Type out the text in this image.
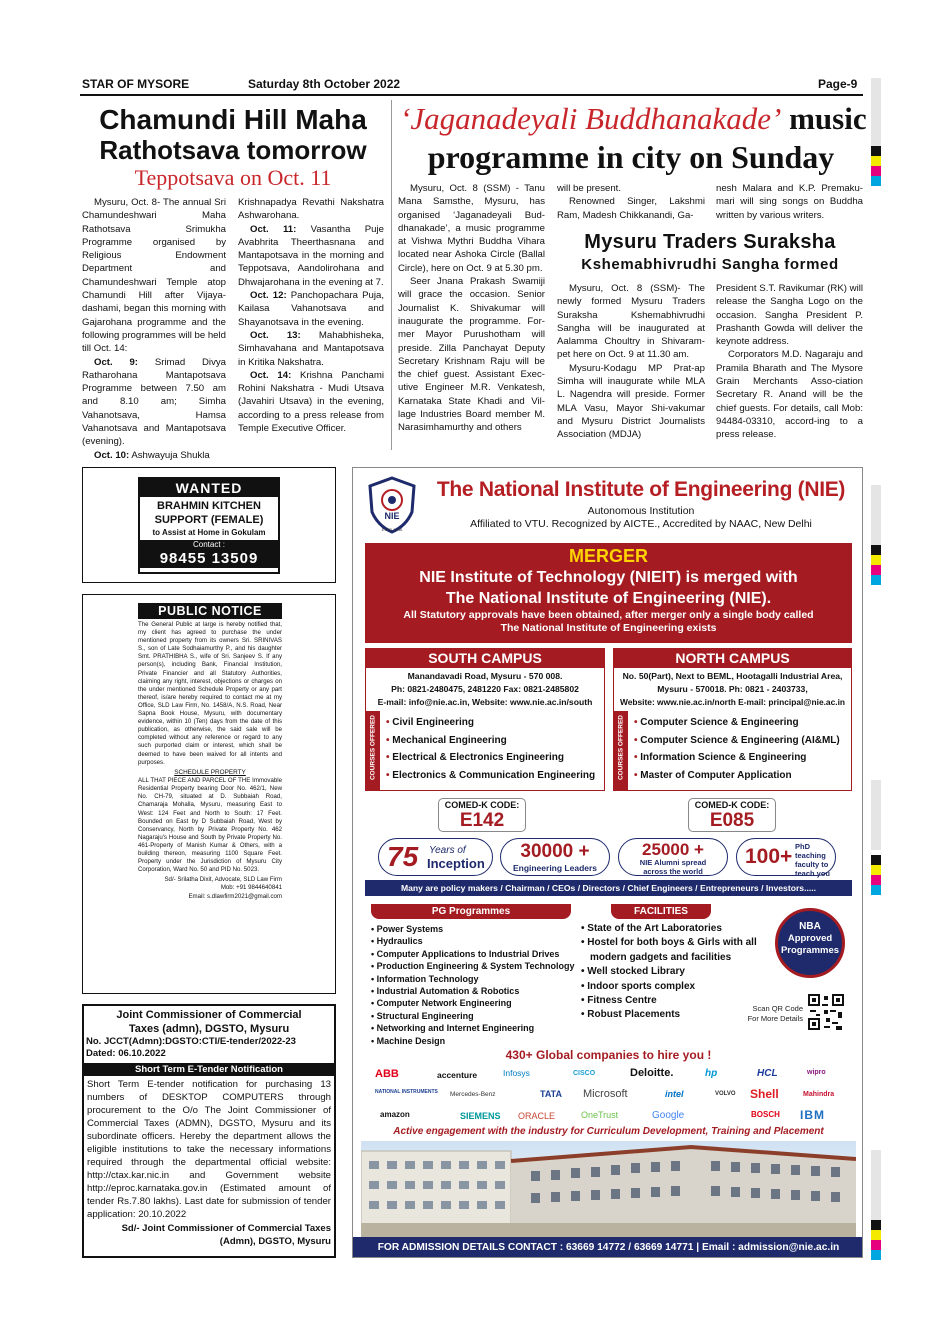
STAR OF MYSORE	Saturday 8th October 2022	Page-9
Chamundi Hill Maha
Rathotsava tomorrow
Teppotsava on Oct. 11

Mysuru, Oct. 8- The annual Sri Chamundeshwari Maha Rathotsava Srimukha Programme organised by Religious Endowment Department and Chamundeshwari Temple atop Chamundi Hill after Vijaya-dashami, began this morning with Gajarohana programme and the following programmes will be held till Oct. 14:

Oct. 9: Srimad Divya Ratharohana Mantapotsava Programme between 7.50 am and 8.10 am; Simha Vahanotsava, Hamsa Vahanotsava and Mantapotsava (evening).

Oct. 10: Ashwayuja Shukla

Krishnapadya Revathi Nakshatra Ashwarohana.

Oct. 11: Vasantha Puje Avabhrita Theerthasnana and Mantapotsava in the morning and Teppotsava, Aandolirohana and Dhwajarohana in the evening at 7.

Oct. 12: Panchopachara Puja, Kailasa Vahanotsava and Shayanotsava in the evening.

Oct. 13: Mahabhisheka, Simhavahana and Mantapotsava in Kritika Nakshatra.

Oct. 14: Krishna Panchami Rohini Nakshatra - Mudi Utsava (Javahiri Utsava) in the evening, according to a press release from Temple Executive Officer.

‘Jaganadeyali Buddhanakade’ music
programme in city on Sunday

Mysuru, Oct. 8 (SSM) - Tanu Mana Samsthe, Mysuru, has organised ‘Jaganadeyali Bud-dhanakade’, a music programme at Vishwa Mythri Buddha Vihara located near Ashoka Circle (Ballal Circle), here on Oct. 9 at 5.30 pm.

Seer Jnana Prakash Swamiji will grace the occasion. Senior Journalist K. Shivakumar will inaugurate the programme. For-mer Mayor Purushotham will preside. Zilla Panchayat Deputy Secretary Krishnam Raju will be the chief guest. Assistant Exec-utive Engineer M.R. Venkatesh, Karnataka State Khadi and Vil-lage Industries Board member M. Narasimhamurthy and others

will be present.

Renowned Singer, Lakshmi Ram, Madesh Chikkanandi, Ga-

nesh Malara and K.P. Premaku-mari will sing songs on Buddha written by various writers.

Mysuru Traders Suraksha
Kshemabhivrudhi Sangha formed

Mysuru, Oct. 8 (SSM)- The newly formed Mysuru Traders Suraksha Kshemabhivrudhi Sangha will be inaugurated at Aalamma Choultry in Shivaram-pet here on Oct. 9 at 11.30 am.

Mysuru-Kodagu MP Prat-ap Simha will inaugurate while MLA L. Nagendra will preside. Former MLA Vasu, Mayor Shi-vakumar and Mysuru District Journalists Association (MDJA)

President S.T. Ravikumar (RK) will release the Sangha Logo on the occasion. Sangha President P. Prashanth Gowda will deliver the keynote address.

Corporators M.D. Nagaraju and Pramila Bharath and The Mysore Grain Merchants Asso-ciation Secretary R. Anand will be the chief guests. For details, call Mob: 94484-03310, accord-ing to a press release.

WANTED
BRAHMIN KITCHEN
SUPPORT (FEMALE)
to Assist at Home in Gokulam
Contact :
98455 13509
PUBLIC NOTICE
The General Public at large is hereby notified that, my client has agreed to purchase the under mentioned property from its owners Sri. SRINIVAS S., son of Late Sodhaiamurthy P., and his daughter Smt. PRATHIBHA S., wife of Sri. Sanjeev S. If any person(s), including Bank, Financial Institution, Private Financier and all Statutory Authorities, claiming any right, interest, objections or charges on the under mentioned Schedule Property or any part thereof, is/are hereby required to contact me at my Office, SLD Law Firm, No. 1458/A, N.S. Road, Near Sapna Book House, Mysuru, with documentary evidence, within 10 (Ten) days from the date of this publication, as otherwise, the said sale will be completed without any reference or regard to any such purported claim or interest, which shall be deemed to have been waived for all intents and purposes.
SCHEDULE PROPERTY
ALL THAT PIECE AND PARCEL OF THE Immovable Residential Property bearing Door No. 462/1, New No. CH-79, situated at D. Subbaiah Road, Chamaraja Mohalla, Mysuru, measuring East to West: 124 Feet and North to South: 17 Feet. Bounded on East by D Subbaiah Road, West by Conservancy, North by Private Property No. 462 Nagaraju's House and South by Private Property No. 461-Property of Manish Kumar & Others, with a building thereon, measuring 1100 Square Feet. Property under the Jurisdiction of Mysuru City Corporation, Ward No. 50 and PID No. 5023.
Sd/- Srilatha Dixit, Advocate, SLD Law Firm
Mob: +91 9844640841
Email: s.dlawfirm2021@gmail.com
Joint Commissioner of Commercial
Taxes (admn), DGSTO, Mysuru
No. JCCT(Admn):DGSTO:CTI/E-tender/2022-23
Dated: 06.10.2022
Short Term E-Tender Notification
Short Term E-tender notification for purchasing 13 numbers of DESKTOP COMPUTERS through procurement to the O/o The Joint Commissioner of Commercial Taxes (ADMN), DGSTO, Mysuru and its subordinate officers. Hereby the department allows the eligible institutions to take the necessary informations required through the departmental official website: http://ctax.kar.nic.in and Government website http://eproc.karnataka.gov.in (Estimated amount of tender Rs.7.80 lakhs). Last date for submission of tender application: 20.10.2022
Sd/- Joint Commissioner of Commercial Taxes
(Admn), DGSTO, Mysuru
NIE
ESTD 1946
The National Institute of Engineering (NIE)
Autonomous Institution
Affiliated to VTU. Recognized by AICTE., Accredited by NAAC, New Delhi
MERGER
NIE Institute of Technology (NIEIT) is merged with
The National Institute of Engineering (NIE).
All Statutory approvals have been obtained, after merger only a single body called
The National Institute of Engineering exists
SOUTH CAMPUS
Manandavadi Road, Mysuru - 570 008.
Ph: 0821-2480475, 2481220 Fax: 0821-2485802
E-mail: info@nie.ac.in, Website: www.nie.ac.in/south
COURSES OFFERED • Civil Engineering
• Mechanical Engineering
• Electrical & Electronics Engineering
• Electronics & Communication Engineering
NORTH CAMPUS
No. 50(Part), Next to BEML, Hootagalli Industrial Area,
Mysuru - 570018. Ph: 0821 - 2403733,
Website: www.nie.ac.in/north E-mail: principal@nie.ac.in
COURSES OFFERED • Computer Science & Engineering
• Computer Science & Engineering (AI&ML)
• Information Science & Engineering
• Master of Computer Application
COMED-K CODE:
E142
COMED-K CODE:
E085
75 Years of
Inception
30000 +
Engineering Leaders
25000 +
NIE Alumni spread
across the world
100+ PhD teaching
faculty to
teach you
Many are policy makers / Chairman / CEOs / Directors / Chief Engineers / Entrepreneurs / Investors.....
PG Programmes
• Power Systems
• Hydraulics
• Computer Applications to Industrial Drives
• Production Engineering & System Technology
• Information Technology
• Industrial Automation & Robotics
• Computer Network Engineering
• Structural Engineering
• Networking and Internet Engineering
• Machine Design
FACILITIES
• State of the Art Laboratories
• Hostel for both boys & Girls with all modern gadgets and facilities
• Well stocked Library
• Indoor sports complex
• Fitness Centre
• Robust Placements
NBA
Approved
Programmes
Scan QR Code
For More Details
430+ Global companies to hire you !
ABB	accenture	Infosys	CISCO	Deloitte.	hp	HCL	wipro
NATIONAL INSTRUMENTS Mercedes-Benz	TATA Microsoft	intel	VOLVO Shell	Mahindra
amazon	SIEMENS ORACLE	OneTrust	Google	BOSCH IBM
Active engagement with the industry for Curriculum Development, Training and Placement
FOR ADMISSION DETAILS CONTACT : 63669 14772 / 63669 14771 | Email : admission@nie.ac.in
